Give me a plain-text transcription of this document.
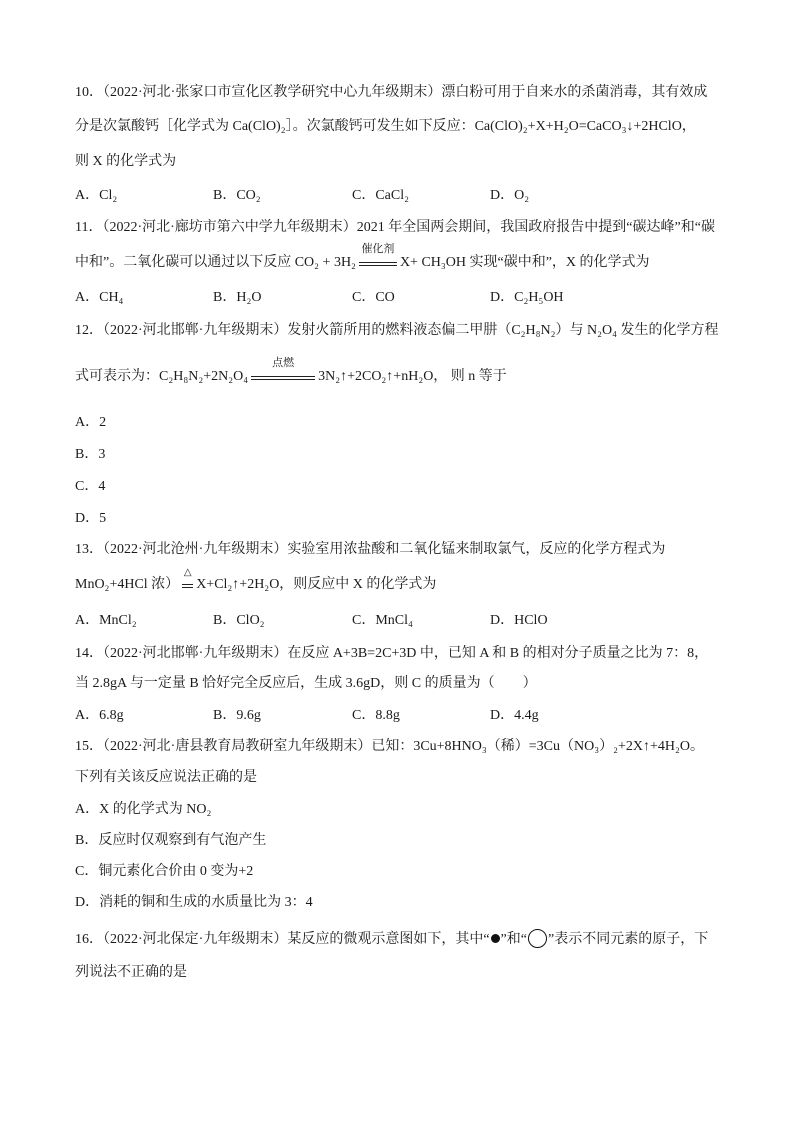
10．（2022·河北·张家口市宣化区教学研究中心九年级期末）漂白粉可用于自来水的杀菌消毒，其有效成
分是次氯酸钙［化学式为 Ca(ClO)₂］。次氯酸钙可发生如下反应：Ca(ClO)₂+X+H₂O=CaCO₃↓+2HClO，
则 X 的化学式为
A．Cl₂	B．CO₂	C．CaCl₂	D．O₂
11．（2022·河北·廊坊市第六中学九年级期末）2021 年全国两会期间，我国政府报告中提到“碳达峰”和“碳
中和”。二氧化碳可以通过以下反应 CO₂ + 3H₂
催化剂
X+ CH₃OH 实现“碳中和”，X 的化学式为
A．CH₄	B．H₂O	C．CO	D．C₂H₅OH
12．（2022·河北邯郸·九年级期末）发射火箭所用的燃料液态偏二甲肼（C₂H₈N₂）与 N₂O₄ 发生的化学方程
式可表示为：C₂H₈N₂+2N₂O₄
点燃
3N₂↑+2CO₂↑+nH₂O， 则 n 等于
A．2
B．3
C．4
D．5
13．（2022·河北沧州·九年级期末）实验室用浓盐酸和二氧化锰来制取氯气，反应的化学方程式为
MnO₂+4HCl 浓）
△
X+Cl₂↑+2H₂O，则反应中 X 的化学式为
A．MnCl₂	B．ClO₂	C．MnCl₄	D．HClO
14．（2022·河北邯郸·九年级期末）在反应 A+3B=2C+3D 中，已知 A 和 B 的相对分子质量之比为 7：8，
当 2.8gA 与一定量 B 恰好完全反应后，生成 3.6gD，则 C 的质量为（　　）
A．6.8g	B．9.6g	C．8.8g	D．4.4g
15．（2022·河北·唐县教育局教研室九年级期末）已知：3Cu+8HNO₃（稀）=3Cu（NO₃）₂+2X↑+4H₂O。
下列有关该反应说法正确的是
A．X 的化学式为 NO₂
B．反应时仅观察到有气泡产生
C．铜元素化合价由 0 变为+2
D．消耗的铜和生成的水质量比为 3：4
16．（2022·河北保定·九年级期末）某反应的微观示意图如下，其中“ ”和“ ”表示不同元素的原子，下
列说法不正确的是
